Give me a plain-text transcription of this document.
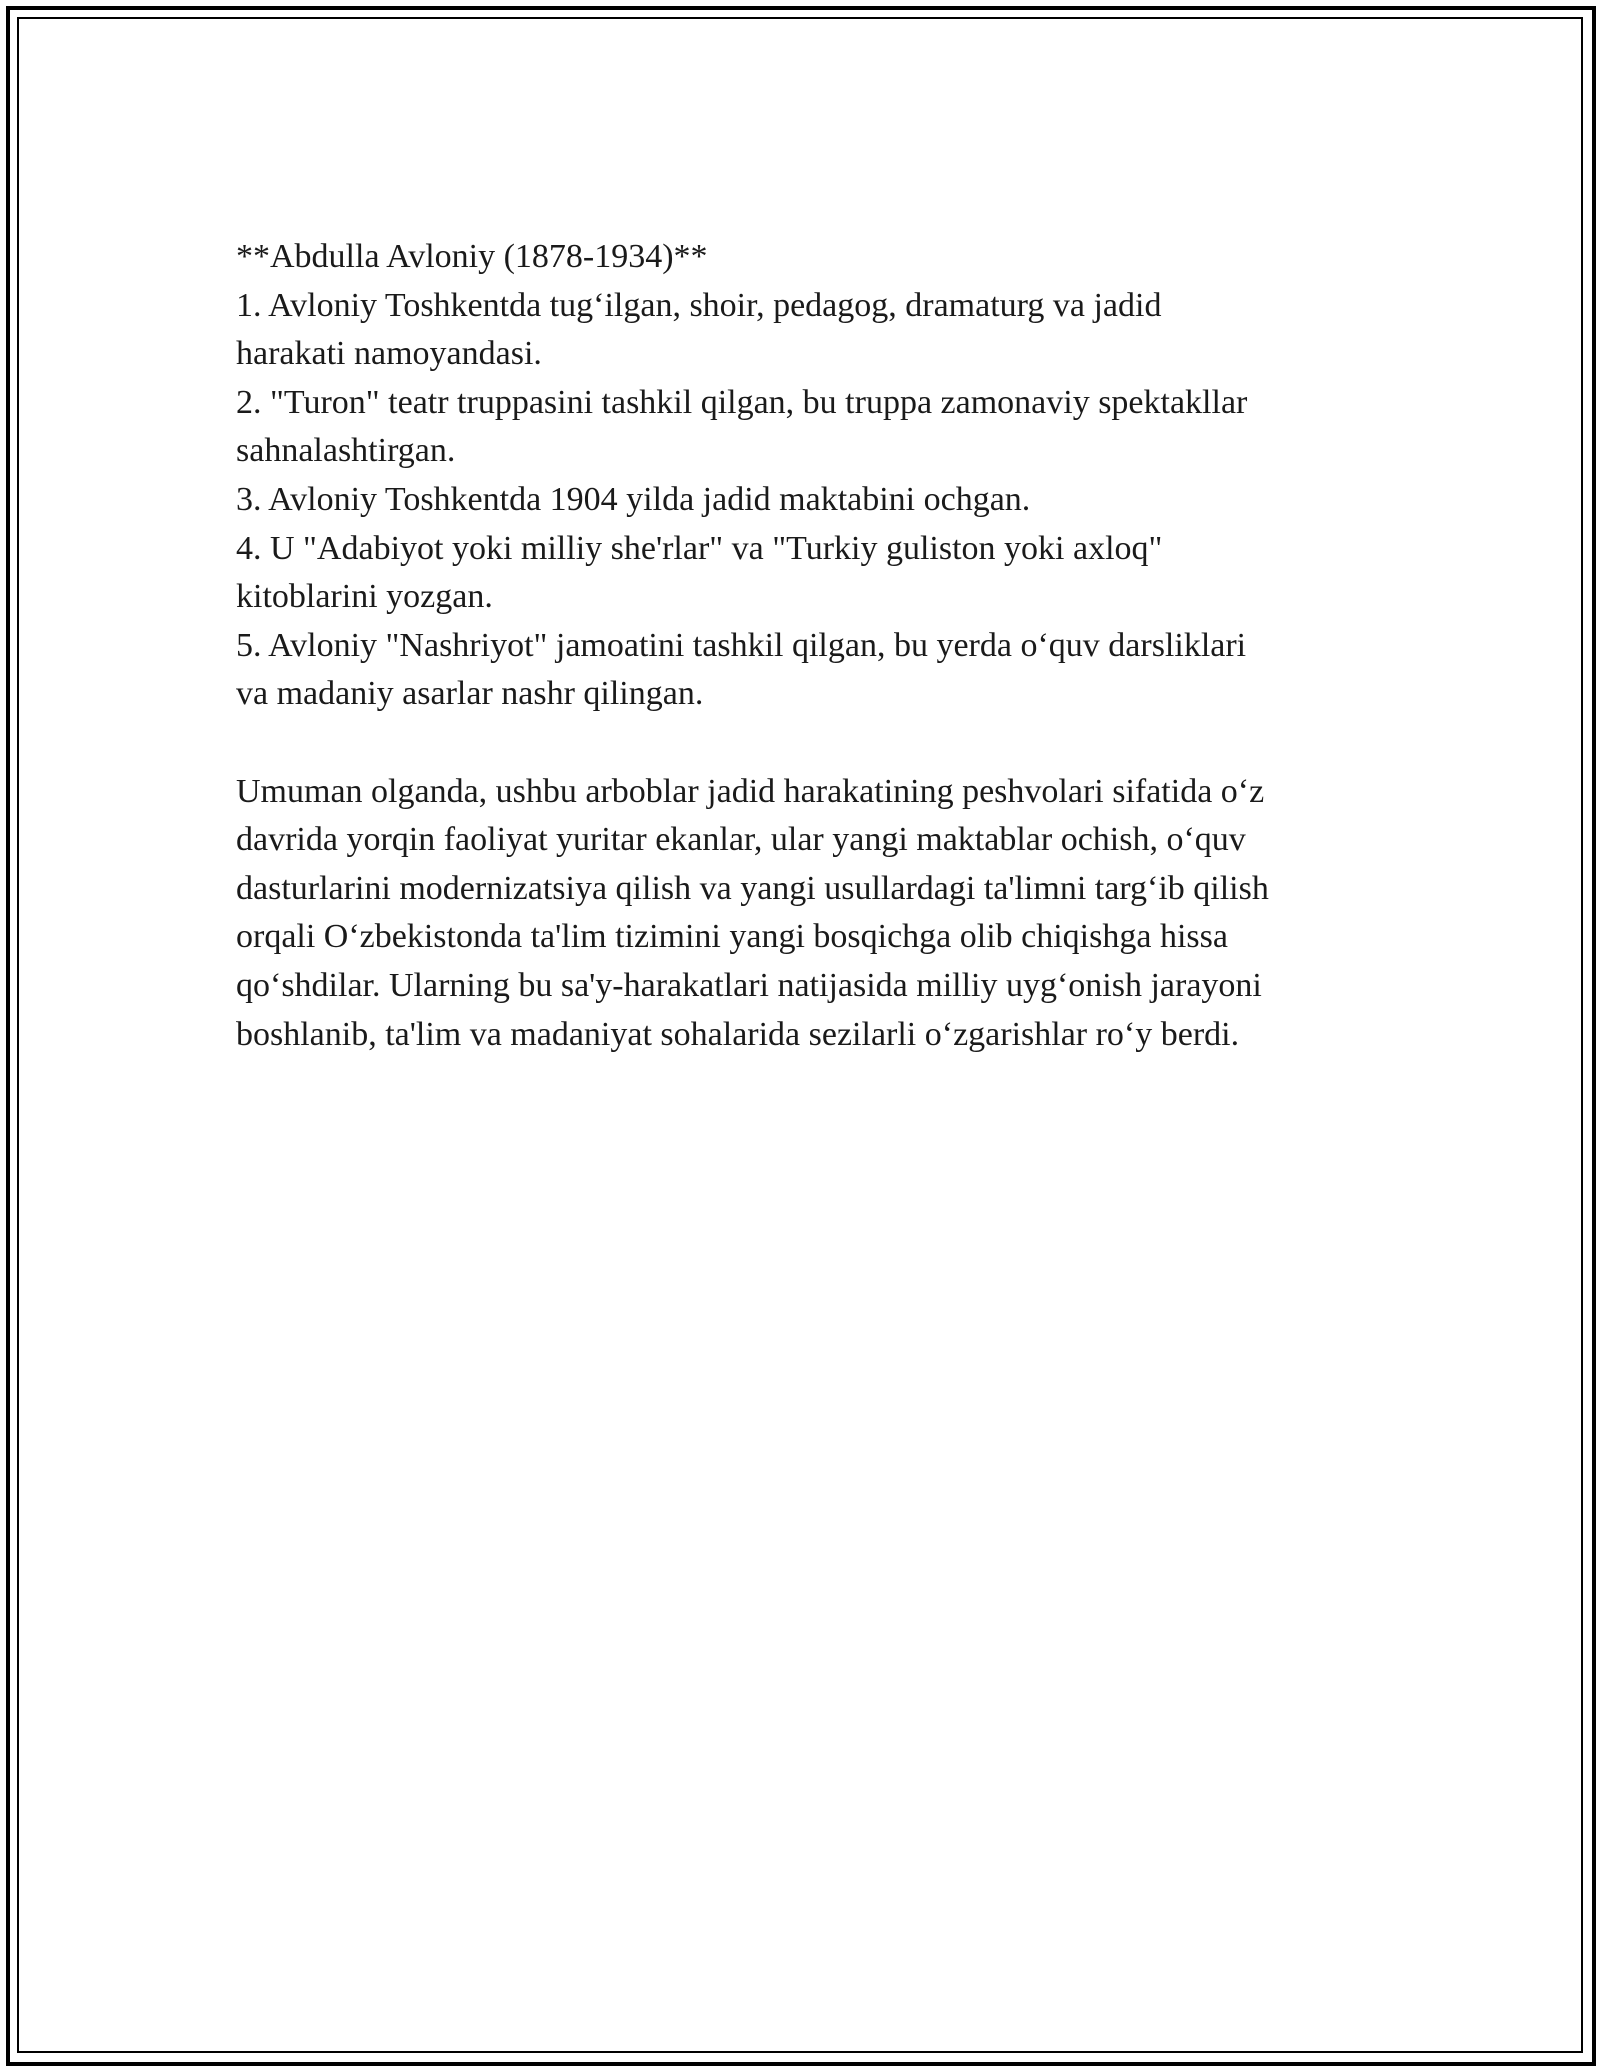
**Abdulla Avloniy (1878-1934)**
1. Avloniy Toshkentda tug‘ilgan, shoir, pedagog, dramaturg va jadid
harakati namoyandasi.
2. "Turon" teatr truppasini tashkil qilgan, bu truppa zamonaviy spektakllar
sahnalashtirgan.
3. Avloniy Toshkentda 1904 yilda jadid maktabini ochgan.
4. U "Adabiyot yoki milliy she'rlar" va "Turkiy guliston yoki axloq"
kitoblarini yozgan.
5. Avloniy "Nashriyot" jamoatini tashkil qilgan, bu yerda o‘quv darsliklari
va madaniy asarlar nashr qilingan.
Umuman olganda, ushbu arboblar jadid harakatining peshvolari sifatida o‘z
davrida yorqin faoliyat yuritar ekanlar, ular yangi maktablar ochish, o‘quv
dasturlarini modernizatsiya qilish va yangi usullardagi ta'limni targ‘ib qilish
orqali O‘zbekistonda ta'lim tizimini yangi bosqichga olib chiqishga hissa
qo‘shdilar. Ularning bu sa'y-harakatlari natijasida milliy uyg‘onish jarayoni
boshlanib, ta'lim va madaniyat sohalarida sezilarli o‘zgarishlar ro‘y berdi.
